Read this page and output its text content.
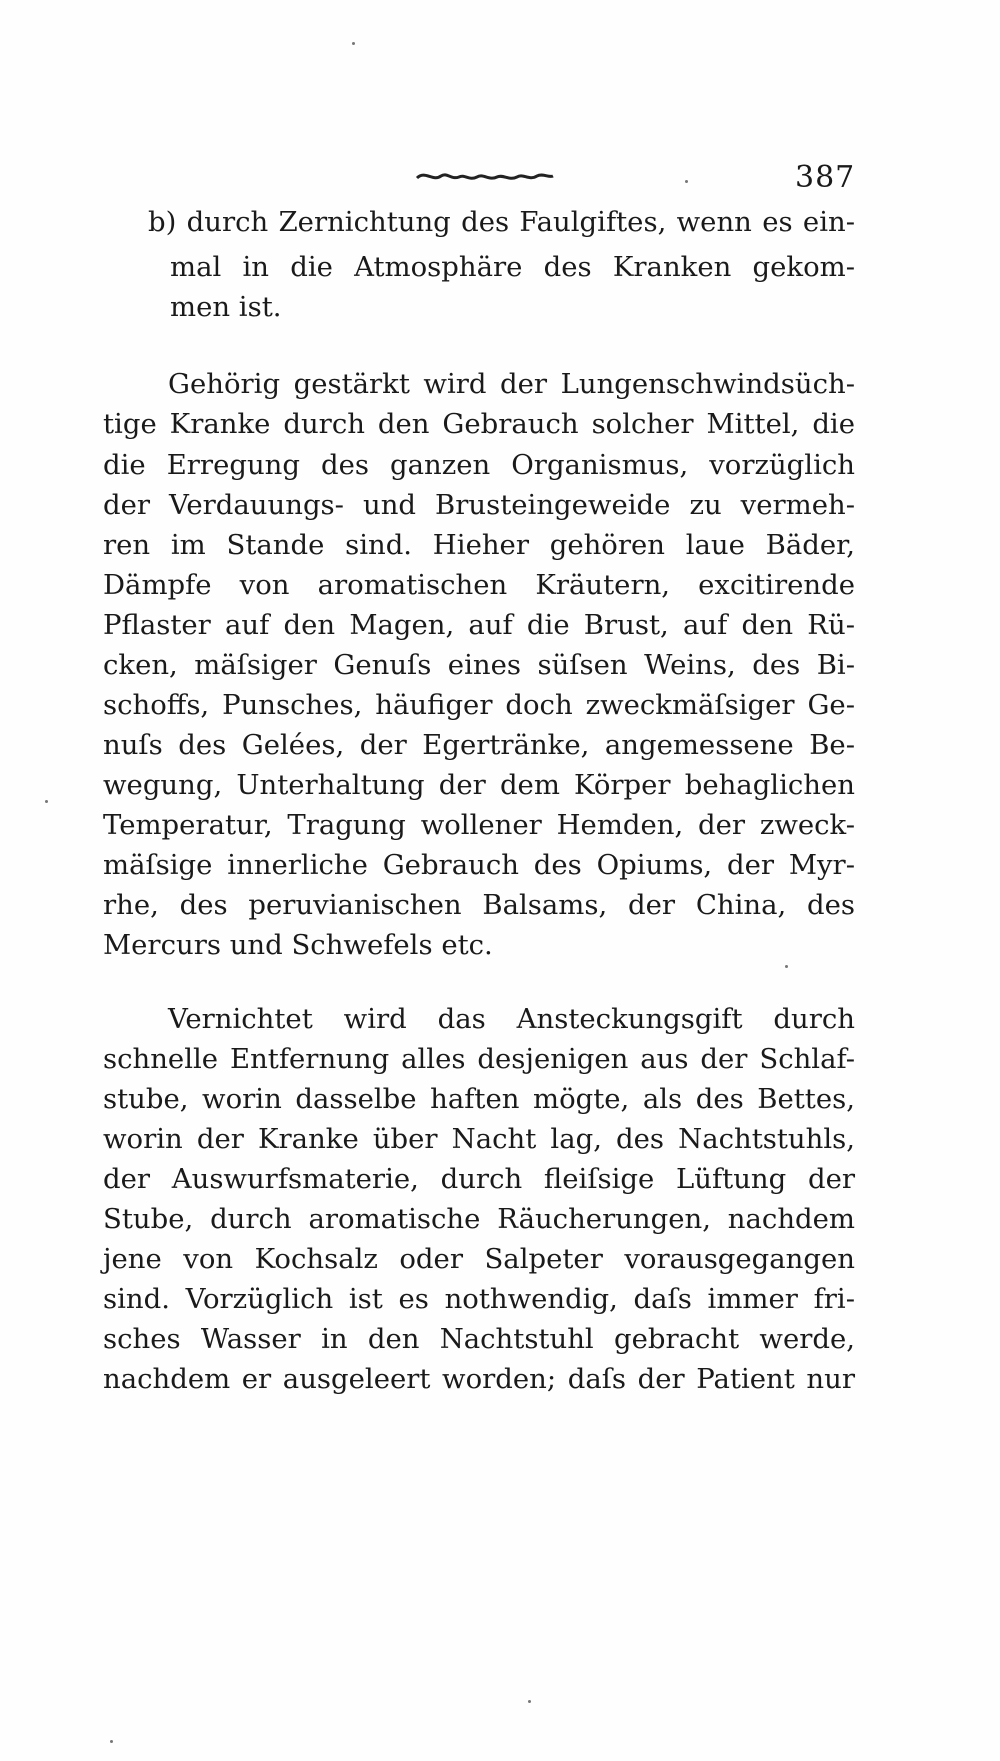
387
b) durch Zernichtung des Faulgiftes, wenn es ein-
mal in die Atmosphäre des Kranken gekom-
men ist.
Gehörig gestärkt wird der Lungenschwindsüch-
tige Kranke durch den Gebrauch solcher Mittel, die
die Erregung des ganzen Organismus, vorzüglich
der Verdauungs- und Brusteingeweide zu vermeh-
ren im Stande sind. Hieher gehören laue Bäder,
Dämpfe von aromatischen Kräutern, excitirende
Pflaster auf den Magen, auf die Brust, auf den Rü-
cken, mäſsiger Genuſs eines süſsen Weins, des Bi-
schoffs, Punsches, häufiger doch zweckmäſsiger Ge-
nuſs des Gelées, der Egertränke, angemessene Be-
wegung, Unterhaltung der dem Körper behaglichen
Temperatur, Tragung wollener Hemden, der zweck-
mäſsige innerliche Gebrauch des Opiums, der Myr-
rhe, des peruvianischen Balsams, der China, des
Mercurs und Schwefels etc.
Vernichtet wird das Ansteckungsgift durch
schnelle Entfernung alles desjenigen aus der Schlaf-
stube, worin dasselbe haften mögte, als des Bettes,
worin der Kranke über Nacht lag, des Nachtstuhls,
der Auswurfsmaterie, durch fleiſsige Lüftung der
Stube, durch aromatische Räucherungen, nachdem
jene von Kochsalz oder Salpeter vorausgegangen
sind. Vorzüglich ist es nothwendig, daſs immer fri-
sches Wasser in den Nachtstuhl gebracht werde,
nachdem er ausgeleert worden; daſs der Patient nur
